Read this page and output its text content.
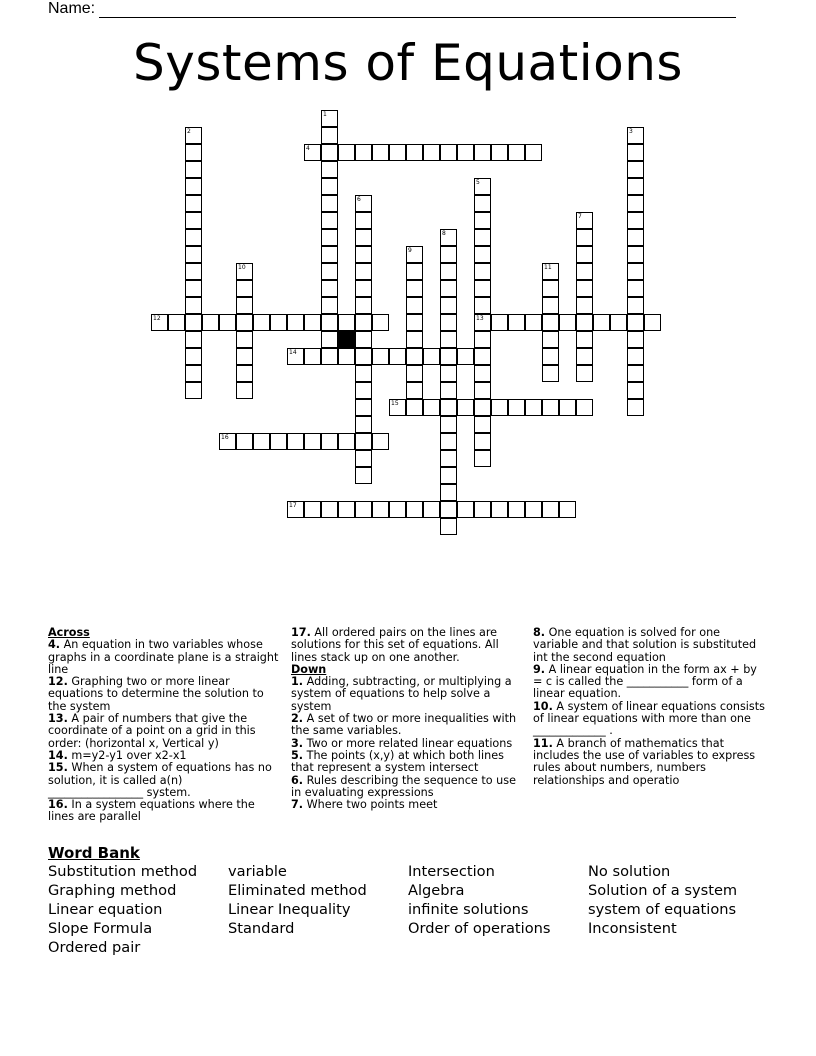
Name:
Systems of Equations
1
2	3
4
5
13
6
7
8
9
10	11
12
14
15
16
17
Across

4. An equation in two variables whose graphs in a coordinate plane is a straight line

12. Graphing two or more linear equations to determine the solution to the system

13. A pair of numbers that give the coordinate of a point on a grid in this order: (horizontal x, Vertical y)

14. m=y2-y1 over x2-x1

15. When a system of equations has no solution, it is called a(n) _________________ system.

16. In a system equations where the lines are parallel

17. All ordered pairs on the lines are solutions for this set of equations. All lines stack up on one another.

Down

1. Adding, subtracting, or multiplying a system of equations to help solve a system

2. A set of two or more inequalities with the same variables.

3. Two or more related linear equations

5. The points (x,y) at which both lines that represent a system intersect

6. Rules describing the sequence to use in evaluating expressions

7. Where two points meet

8. One equation is solved for one variable and that solution is substituted int the second equation

9. A linear equation in the form ax + by = c is called the ___________ form of a linear equation.

10. A system of linear equations consists of linear equations with more than one _____________ .

11. A branch of mathematics that includes the use of variables to express rules about numbers, numbers relationships and operatio

Word Bank
Substitution method
Graphing method
Linear equation
Slope Formula
Ordered pair
variable
Eliminated method
Linear Inequality
Standard
Intersection
Algebra
infinite solutions
Order of operations
No solution
Solution of a system
system of equations
Inconsistent
